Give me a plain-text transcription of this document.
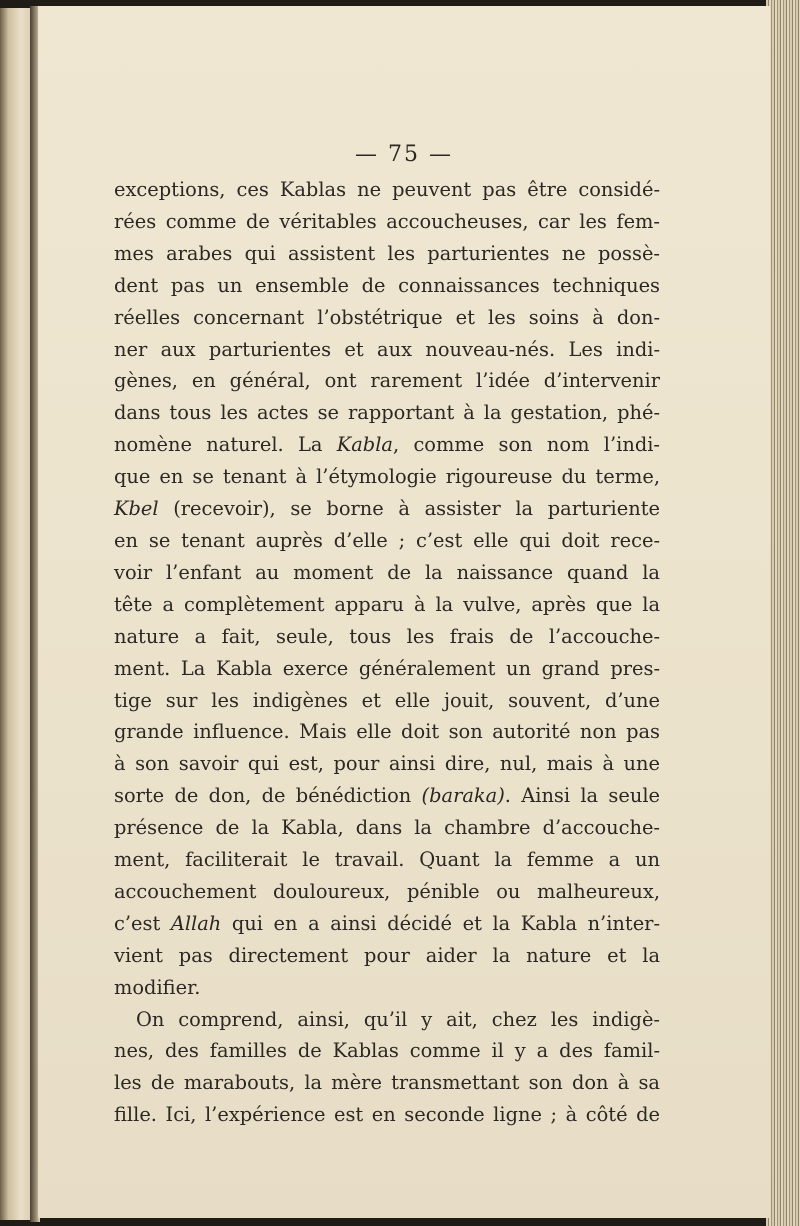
— 75 —
exceptions, ces Kablas ne peuvent pas être considé-
rées comme de véritables accoucheuses, car les fem-
mes arabes qui assistent les parturientes ne possè-
dent pas un ensemble de connaissances techniques
réelles concernant l’obstétrique et les soins à don-
ner aux parturientes et aux nouveau-nés. Les indi-
gènes, en général, ont rarement l’idée d’intervenir
dans tous les actes se rapportant à la gestation, phé-
nomène naturel. La Kabla, comme son nom l’indi-
que en se tenant à l’étymologie rigoureuse du terme,
Kbel (recevoir), se borne à assister la parturiente
en se tenant auprès d’elle ; c’est elle qui doit rece-
voir l’enfant au moment de la naissance quand la
tête a complètement apparu à la vulve, après que la
nature a fait, seule, tous les frais de l’accouche-
ment. La Kabla exerce généralement un grand pres-
tige sur les indigènes et elle jouit, souvent, d’une
grande influence. Mais elle doit son autorité non pas
à son savoir qui est, pour ainsi dire, nul, mais à une
sorte de don, de bénédiction (baraka). Ainsi la seule
présence de la Kabla, dans la chambre d’accouche-
ment, faciliterait le travail. Quant la femme a un
accouchement douloureux, pénible ou malheureux,
c’est Allah qui en a ainsi décidé et la Kabla n’inter-
vient pas directement pour aider la nature et la
modifier.
On comprend, ainsi, qu’il y ait, chez les indigè-
nes, des familles de Kablas comme il y a des famil-
les de marabouts, la mère transmettant son don à sa
fille. Ici, l’expérience est en seconde ligne ; à côté de
